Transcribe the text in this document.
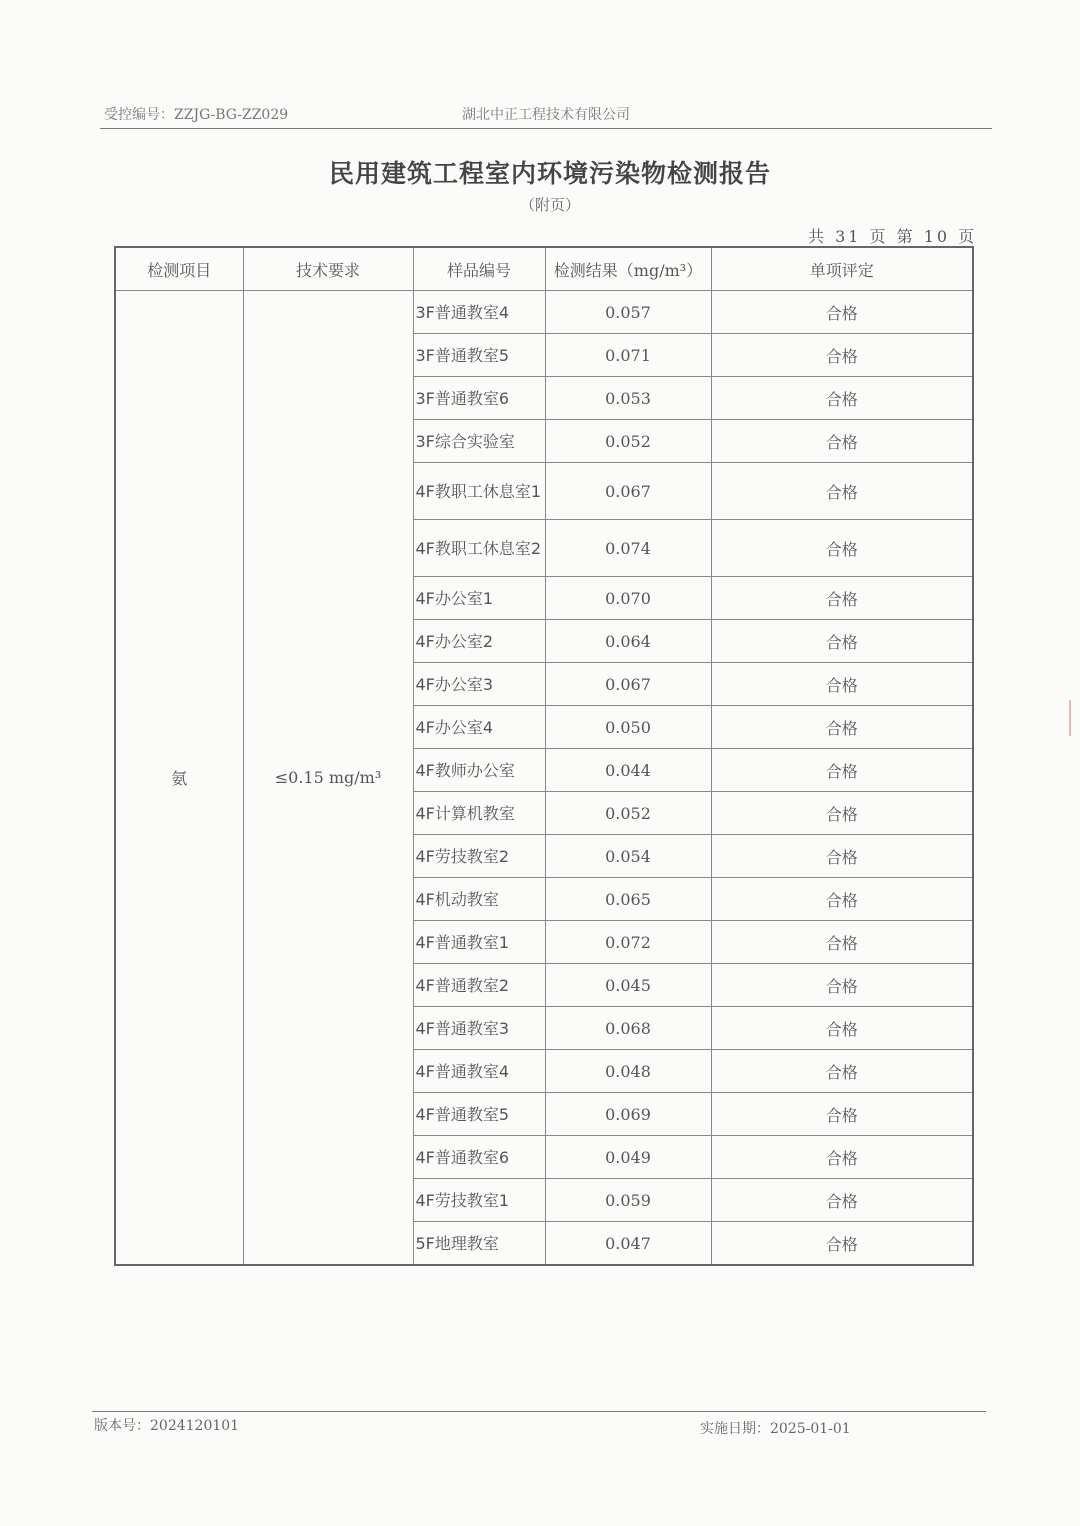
受控编号：ZZJG-BG-ZZ029	湖北中正工程技术有限公司
民用建筑工程室内环境污染物检测报告
（附页）
共 31 页 第 10 页
检测项目	技术要求	样品编号	检测结果（mg/m³）	单项评定
氨	≤0.15 mg/m³	3F普通教室4	0.057	合格
		3F普通教室5	0.071	合格
		3F普通教室6	0.053	合格
		3F综合实验室	0.052	合格
		4F教职工休息室1	0.067	合格
		4F教职工休息室2	0.074	合格
		4F办公室1	0.070	合格
		4F办公室2	0.064	合格
		4F办公室3	0.067	合格
		4F办公室4	0.050	合格
		4F教师办公室	0.044	合格
		4F计算机教室	0.052	合格
		4F劳技教室2	0.054	合格
		4F机动教室	0.065	合格
		4F普通教室1	0.072	合格
		4F普通教室2	0.045	合格
		4F普通教室3	0.068	合格
		4F普通教室4	0.048	合格
		4F普通教室5	0.069	合格
		4F普通教室6	0.049	合格
		4F劳技教室1	0.059	合格
		5F地理教室	0.047	合格
版本号：2024120101	实施日期：2025-01-01
